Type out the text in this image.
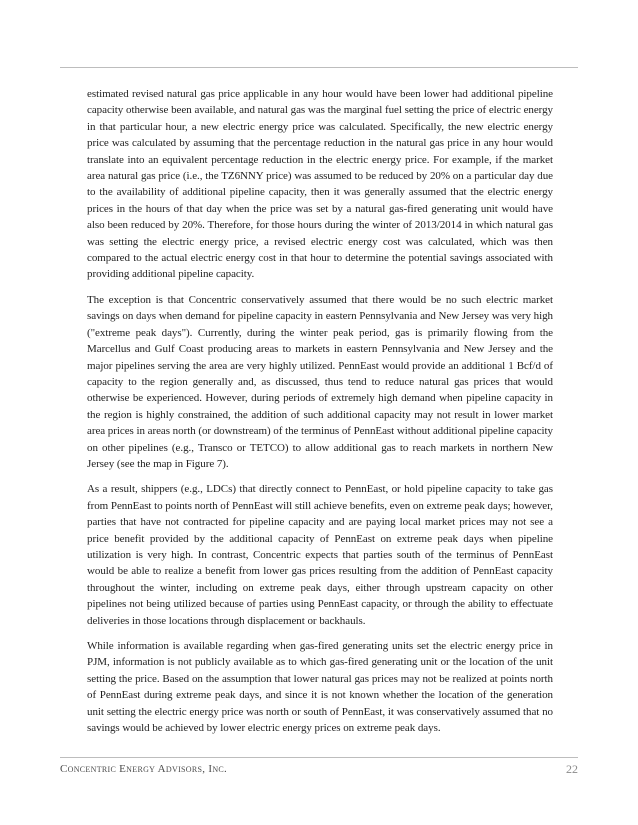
estimated revised natural gas price applicable in any hour would have been lower had additional pipeline capacity otherwise been available, and natural gas was the marginal fuel setting the price of electric energy in that particular hour, a new electric energy price was calculated. Specifically, the new electric energy price was calculated by assuming that the percentage reduction in the natural gas price in any hour would translate into an equivalent percentage reduction in the electric energy price. For example, if the market area natural gas price (i.e., the TZ6NNY price) was assumed to be reduced by 20% on a particular day due to the availability of additional pipeline capacity, then it was generally assumed that the electric energy prices in the hours of that day when the price was set by a natural gas-fired generating unit would have also been reduced by 20%. Therefore, for those hours during the winter of 2013/2014 in which natural gas was setting the electric energy price, a revised electric energy cost was calculated, which was then compared to the actual electric energy cost in that hour to determine the potential savings associated with providing additional pipeline capacity.

The exception is that Concentric conservatively assumed that there would be no such electric market savings on days when demand for pipeline capacity in eastern Pennsylvania and New Jersey was very high ("extreme peak days"). Currently, during the winter peak period, gas is primarily flowing from the Marcellus and Gulf Coast producing areas to markets in eastern Pennsylvania and New Jersey and the major pipelines serving the area are very highly utilized. PennEast would provide an additional 1 Bcf/d of capacity to the region generally and, as discussed, thus tend to reduce natural gas prices that would otherwise be experienced. However, during periods of extremely high demand when pipeline capacity in the region is highly constrained, the addition of such additional capacity may not result in lower market area prices in areas north (or downstream) of the terminus of PennEast without additional pipeline capacity on other pipelines (e.g., Transco or TETCO) to allow additional gas to reach markets in northern New Jersey (see the map in Figure 7).

As a result, shippers (e.g., LDCs) that directly connect to PennEast, or hold pipeline capacity to take gas from PennEast to points north of PennEast will still achieve benefits, even on extreme peak days; however, parties that have not contracted for pipeline capacity and are paying local market prices may not see a price benefit provided by the additional capacity of PennEast on extreme peak days when pipeline utilization is very high. In contrast, Concentric expects that parties south of the terminus of PennEast would be able to realize a benefit from lower gas prices resulting from the addition of PennEast capacity throughout the winter, including on extreme peak days, either through upstream capacity on other pipelines not being utilized because of parties using PennEast capacity, or through the ability to effectuate deliveries in those locations through displacement or backhauls.

While information is available regarding when gas-fired generating units set the electric energy price in PJM, information is not publicly available as to which gas-fired generating unit or the location of the unit setting the price. Based on the assumption that lower natural gas prices may not be realized at points north of PennEast during extreme peak days, and since it is not known whether the location of the generation unit setting the electric energy price was north or south of PennEast, it was conservatively assumed that no savings would be achieved by lower electric energy prices on extreme peak days.

Concentric Energy Advisors, Inc.	22
